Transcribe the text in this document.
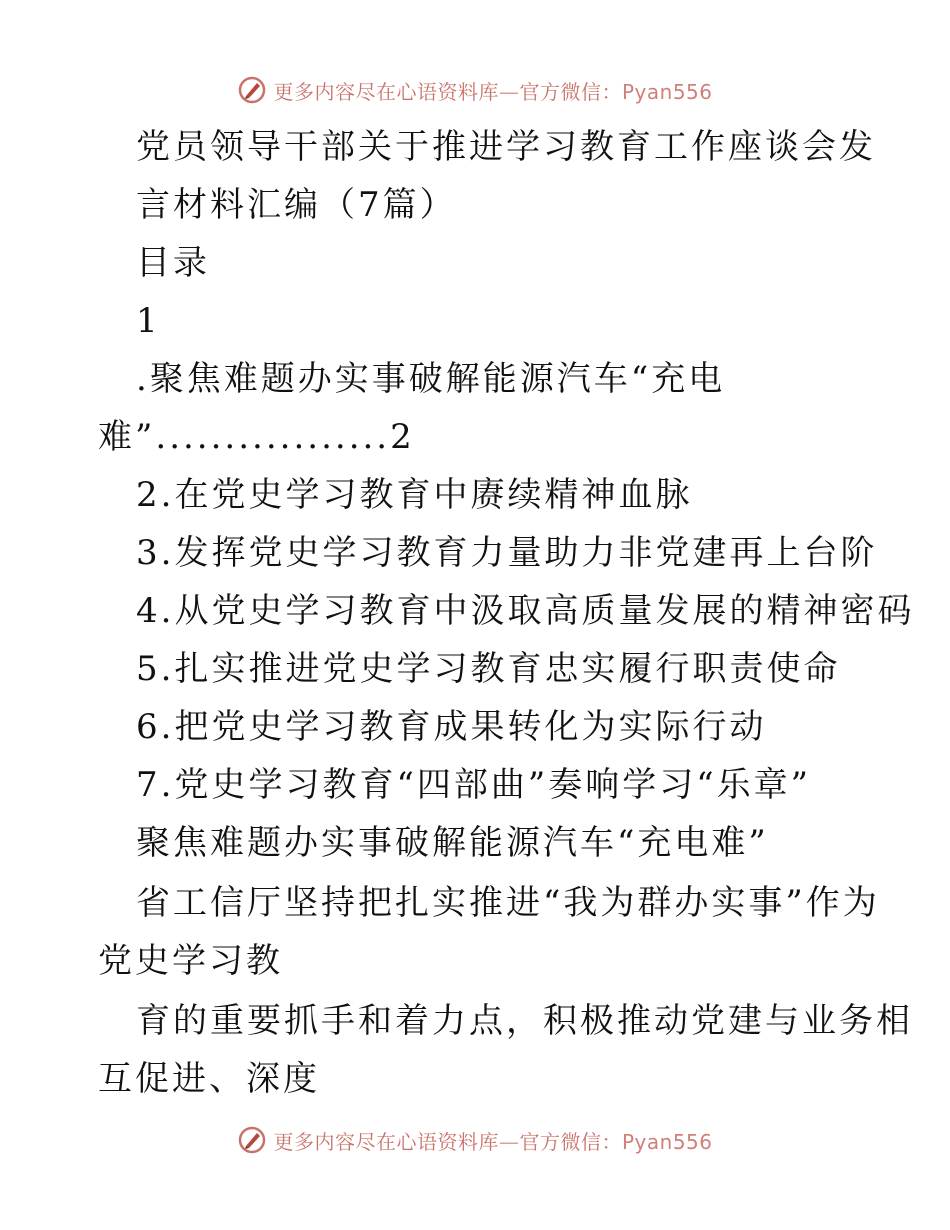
更多内容尽在心语资料库—官方微信：Pyan556
党员领导干部关于推进学习教育工作座谈会发
言材料汇编（7篇）
目录
1
.聚焦难题办实事破解能源汽车“充电
难”.................2
2.在党史学习教育中赓续精神血脉
3.发挥党史学习教育力量助力非党建再上台阶
4.从党史学习教育中汲取高质量发展的精神密码
5.扎实推进党史学习教育忠实履行职责使命
6.把党史学习教育成果转化为实际行动
7.党史学习教育“四部曲”奏响学习“乐章”
聚焦难题办实事破解能源汽车“充电难”
省工信厅坚持把扎实推进“我为群办实事”作为
党史学习教
育的重要抓手和着力点，积极推动党建与业务相
互促进、深度
更多内容尽在心语资料库—官方微信：Pyan556
